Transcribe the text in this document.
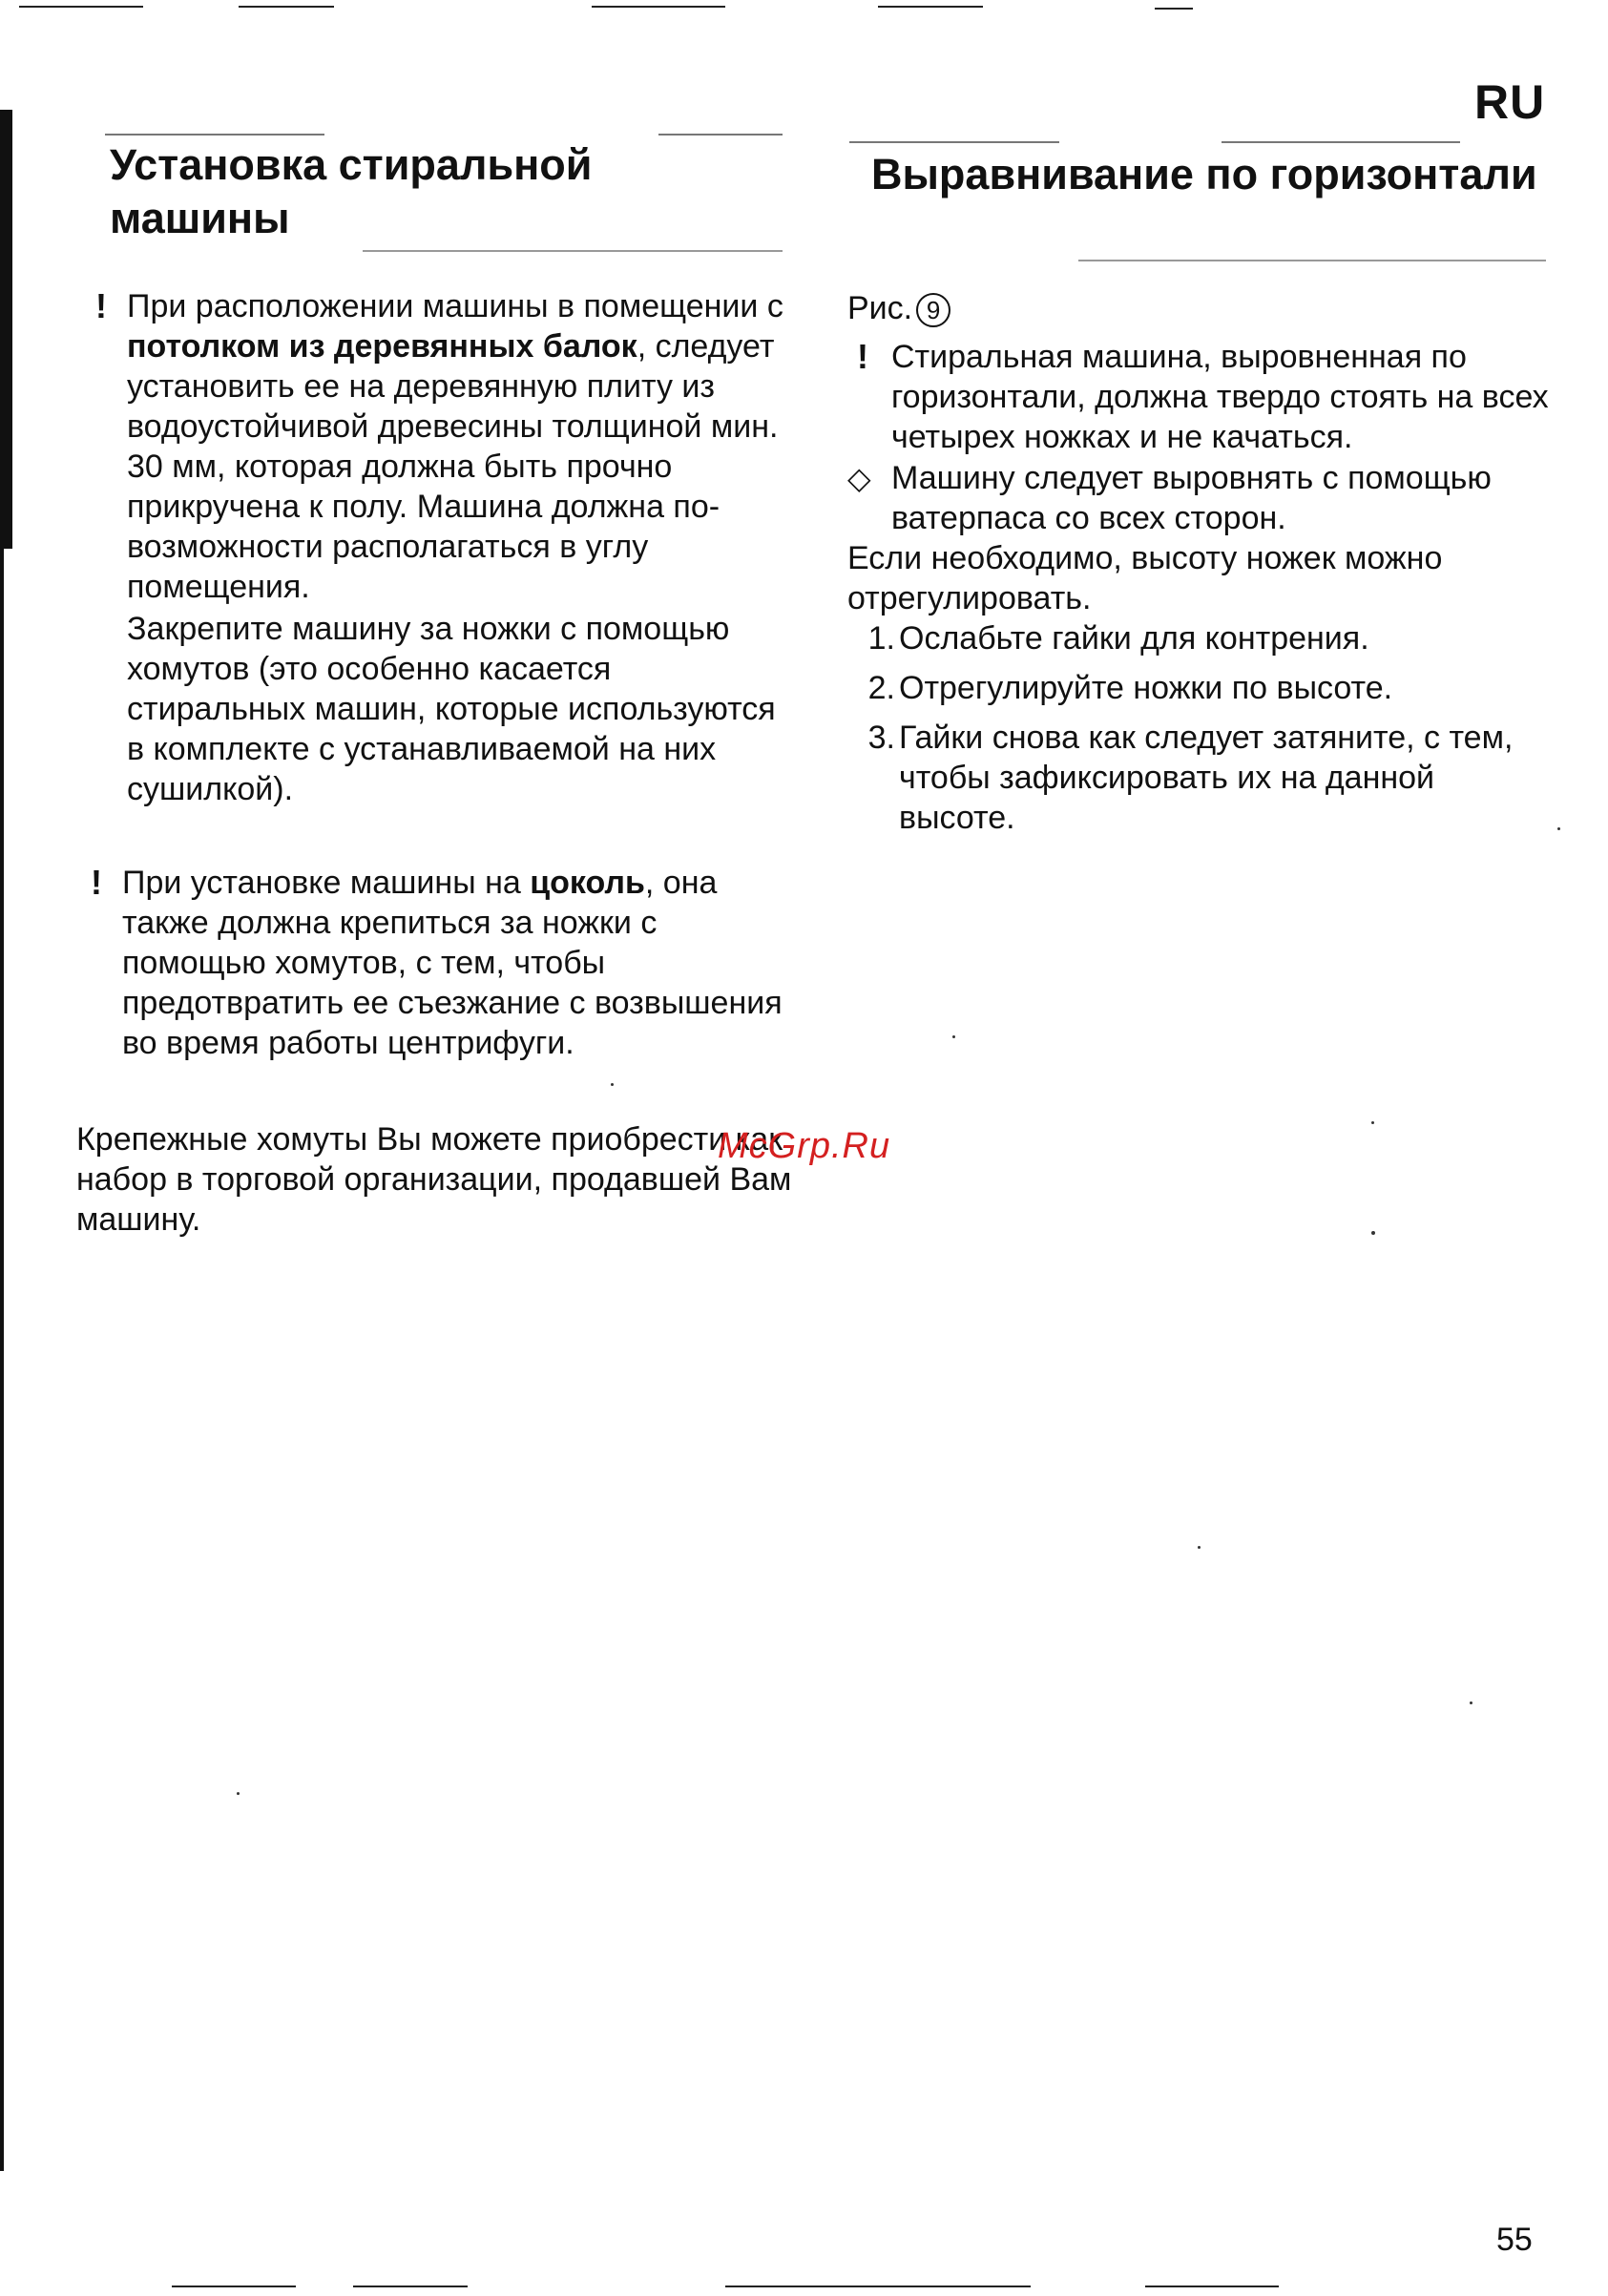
RU
Установка стиральной машины
! При расположении машины в помещении с потолком из деревянных балок, следует установить ее на деревянную плиту из водоустойчивой древесины толщиной мин. 30 мм, которая должна быть прочно прикручена к полу. Машина должна по-возможности располагаться в углу помещения.
Закрепите машину за ножки с помощью хомутов (это особенно касается стиральных машин, которые используются в комплекте с устанавливаемой на них сушилкой).
! При установке машины на цоколь, она также должна крепиться за ножки с помощью хомутов, с тем, чтобы предотвратить ее съезжание с возвышения во время работы центрифуги.
Крепежные хомуты Вы можете приобрести как набор в торговой организации, продавшей Вам машину.
Выравнивание по горизонтали
Рис. 9
! Стиральная машина, выровненная по горизонтали, должна твердо стоять на всех четырех ножках и не качаться.
◇ Машину следует выровнять с помощью ватерпаса со всех сторон.
Если необходимо, высоту ножек можно отрегулировать.
1. Ослабьте гайки для контрения.
2. Отрегулируйте ножки по высоте.
3. Гайки снова как следует затяните, с тем, чтобы зафиксировать их на данной высоте.
McGrp.Ru
55
